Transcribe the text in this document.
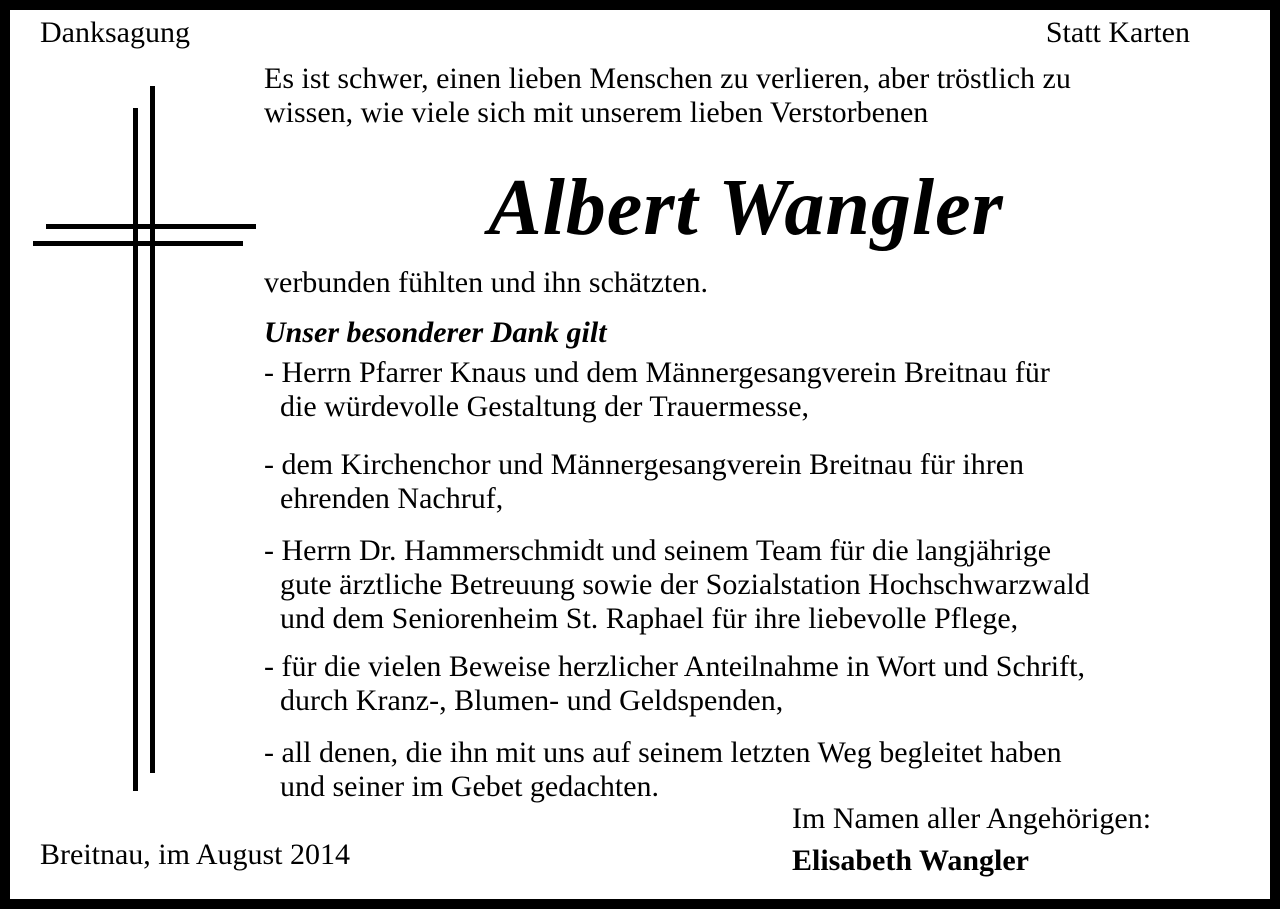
Danksagung	Statt Karten

Es ist schwer, einen lieben Menschen zu verlieren, aber tröstlich zu

wissen, wie viele sich mit unserem lieben Verstorbenen

Albert Wangler

verbunden fühlten und ihn schätzten.

Unser besonderer Dank gilt

- Herrn Pfarrer Knaus und dem Männergesangverein Breitnau für
die würdevolle Gestaltung der Trauermesse,
- dem Kirchenchor und Männergesangverein Breitnau für ihren
ehrenden Nachruf,
- Herrn Dr. Hammerschmidt und seinem Team für die langjährige
gute ärztliche Betreuung sowie der Sozialstation Hochschwarzwald
und dem Seniorenheim St. Raphael für ihre liebevolle Pflege,
- für die vielen Beweise herzlicher Anteilnahme in Wort und Schrift,
durch Kranz-, Blumen- und Geldspenden,
- all denen, die ihn mit uns auf seinem letzten Weg begleitet haben
und seiner im Gebet gedachten.

Im Namen aller Angehörigen:

Breitnau, im August 2014	Elisabeth Wangler
